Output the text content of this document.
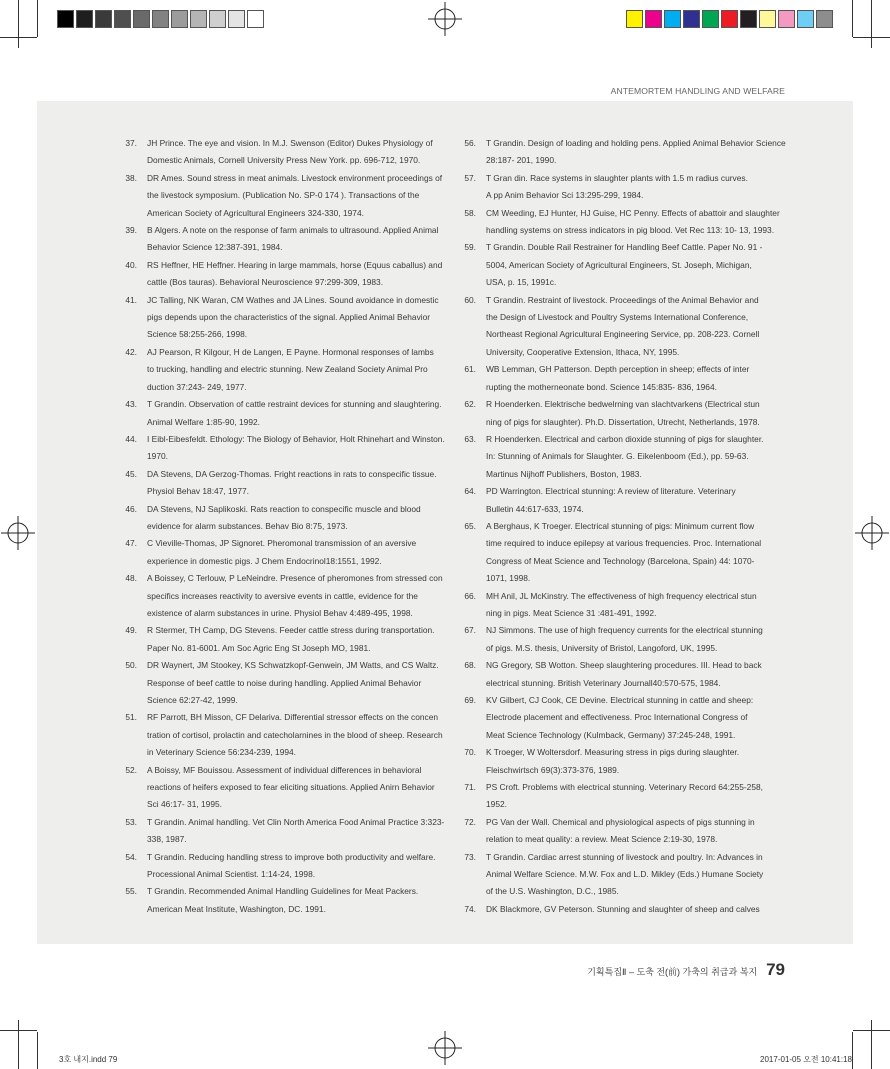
ANTEMORTEM HANDLING AND WELFARE
37. JH Prince. The eye and vision. In M.J. Swenson (Editor) Dukes Physiology of
Domestic Animals, Cornell University Press New York. pp. 696-712, 1970.
38. DR Ames. Sound stress in meat animals. Livestock environment proceedings of
the livestock symposium. (Publication No. SP-0 174 ). Transactions of the
American Society of Agricultural Engineers 324-330, 1974.
39. B Algers. A note on the response of farm animals to ultrasound. Applied Animal
Behavior Science 12:387-391, 1984.
40. RS Heffner, HE Heffner. Hearing in large mammals, horse (Equus caballus) and
cattle (Bos tauras). Behavioral Neuroscience 97:299-309, 1983.
41. JC Talling, NK Waran, CM Wathes and JA Lines. Sound avoidance in domestic
pigs depends upon the characteristics of the signal. Applied Animal Behavior
Science 58:255-266, 1998.
42. AJ Pearson, R Kilgour, H de Langen, E Payne. Hormonal responses of lambs
to trucking, handling and electric stunning. New Zealand Society Animal Pro
duction 37:243- 249, 1977.
43. T Grandin. Observation of cattle restraint devices for stunning and slaughtering.
Animal Welfare 1:85-90, 1992.
44. I Eibl-Eibesfeldt. Ethology: The Biology of Behavior, Holt Rhinehart and Winston.
1970.
45. DA Stevens, DA Gerzog-Thomas. Fright reactions in rats to conspecific tissue.
Physiol Behav 18:47, 1977.
46. DA Stevens, NJ Saplikoski. Rats reaction to conspecific muscle and blood
evidence for alarm substances. Behav Bio 8:75, 1973.
47. C Vieville-Thomas, JP Signoret. Pheromonal transmission of an aversive
experience in domestic pigs. J Chem Endocrinol18:1551, 1992.
48. A Boissey, C Terlouw, P LeNeindre. Presence of pheromones from stressed con
specifics increases reactivity to aversive events in cattle, evidence for the
existence of alarm substances in urine. Physiol Behav 4:489-495, 1998.
49. R Stermer, TH Camp, DG Stevens. Feeder cattle stress during transportation.
Paper No. 81-6001. Am Soc Agric Eng St Joseph MO, 1981.
50. DR Waynert, JM Stookey, KS Schwatzkopf-Genwein, JM Watts, and CS Waltz.
Response of beef cattle to noise during handling. Applied Animal Behavior
Science 62:27-42, 1999.
51. RF Parrott, BH Misson, CF Delariva. Differential stressor effects on the concen
tration of cortisol, prolactin and catecholarnines in the blood of sheep. Research
in Veterinary Science 56:234-239, 1994.
52. A Boissy, MF Bouissou. Assessment of individual differences in behavioral
reactions of heifers exposed to fear eliciting situations. Applied Anirn Behavior
Sci 46:17- 31, 1995.
53. T Grandin. Animal handling. Vet Clin North America Food Animal Practice 3:323-
338, 1987.
54. T Grandin. Reducing handling stress to improve both productivity and welfare.
Processional Animal Scientist. 1:14-24, 1998.
55. T Grandin. Recommended Animal Handling Guidelines for Meat Packers.
American Meat Institute, Washington, DC. 1991.
56. T Grandin. Design of loading and holding pens. Applied Animal Behavior Science
28:187- 201, 1990.
57. T Gran din. Race systems in slaughter plants with 1.5 m radius curves.
A pp Anim Behavior Sci 13:295-299, 1984.
58. CM Weeding, EJ Hunter, HJ Guise, HC Penny. Effects of abattoir and slaughter
handling systems on stress indicators in pig blood. Vet Rec 113: 10- 13, 1993.
59. T Grandin. Double Rail Restrainer for Handling Beef Cattle. Paper No. 91 -
5004, American Society of Agricultural Engineers, St. Joseph, Michigan,
USA, p. 15, 1991c.
60. T Grandin. Restraint of livestock. Proceedings of the Animal Behavior and
the Design of Livestock and Poultry Systems International Conference,
Northeast Regional Agricultural Engineering Service, pp. 208-223. Cornell
University, Cooperative Extension, Ithaca, NY, 1995.
61. WB Lemman, GH Patterson. Depth perception in sheep; effects of inter
rupting the motherneonate bond. Science 145:835- 836, 1964.
62. R Hoenderken. Elektrische bedwelrning van slachtvarkens (Electrical stun
ning of pigs for slaughter). Ph.D. Dissertation, Utrecht, Netherlands, 1978.
63. R Hoenderken. Electrical and carbon dioxide stunning of pigs for slaughter.
In: Stunning of Animals for Slaughter. G. Eikelenboom (Ed.), pp. 59-63.
Martinus Nijhoff Publishers, Boston, 1983.
64. PD Warrington. Electrical stunning: A review of literature. Veterinary
Bulletin 44:617-633, 1974.
65. A Berghaus, K Troeger. Electrical stunning of pigs: Minimum current flow
time required to induce epilepsy at various frequencies. Proc. International
Congress of Meat Science and Technology (Barcelona, Spain) 44: 1070-
1071, 1998.
66. MH Anil, JL McKinstry. The effectiveness of high frequency electrical stun
ning in pigs. Meat Science 31 :481-491, 1992.
67. NJ Simmons. The use of high frequency currents for the electrical stunning
of pigs. M.S. thesis, University of Bristol, Langoford, UK, 1995.
68. NG Gregory, SB Wotton. Sheep slaughtering procedures. III. Head to back
electrical stunning. British Veterinary Journall40:570-575, 1984.
69. KV Gilbert, CJ Cook, CE Devine. Electrical stunning in cattle and sheep:
Electrode placement and effectiveness. Proc International Congress of
Meat Science Technology (Kulmback, Germany) 37:245-248, 1991.
70. K Troeger, W Woltersdorf. Measuring stress in pigs during slaughter.
Fleischwirtsch 69(3):373-376, 1989.
71. PS Croft. Problems with electrical stunning. Veterinary Record 64:255-258,
1952.
72. PG Van der Wall. Chemical and physiological aspects of pigs stunning in
relation to meat quality: a review. Meat Science 2:19-30, 1978.
73. T Grandin. Cardiac arrest stunning of livestock and poultry. In: Advances in
Animal Welfare Science. M.W. Fox and L.D. Mikley (Eds.) Humane Society
of the U.S. Washington, D.C., 1985.
74. DK Blackmore, GV Peterson. Stunning and slaughter of sheep and calves
기획특집Ⅱ – 도축 전(前) 가축의 취급과 복지 79
3호 내지.indd 79	2017-01-05 오전 10:41:18
